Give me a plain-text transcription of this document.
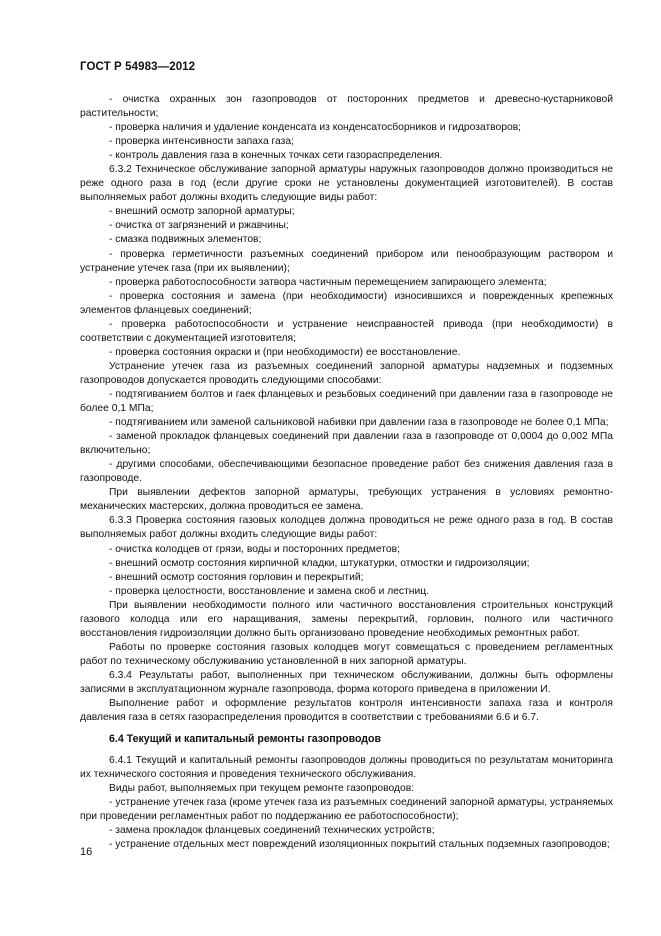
ГОСТ Р 54983—2012

- очистка охранных зон газопроводов от посторонних предметов и древесно-кустарниковой растительности;

- проверка наличия и удаление конденсата из конденсатосборников и гидрозатворов;

- проверка интенсивности запаха газа;

- контроль давления газа в конечных точках сети газораспределения.

6.3.2 Техническое обслуживание запорной арматуры наружных газопроводов должно производиться не реже одного раза в год (если другие сроки не установлены документацией изготовителей). В состав выполняемых работ должны входить следующие виды работ:

- внешний осмотр запорной арматуры;

- очистка от загрязнений и ржавчины;

- смазка подвижных элементов;

- проверка герметичности разъемных соединений прибором или пенообразующим раствором и устранение утечек газа (при их выявлении);

- проверка работоспособности затвора частичным перемещением запирающего элемента;

- проверка состояния и замена (при необходимости) износившихся и поврежденных крепежных элементов фланцевых соединений;

- проверка работоспособности и устранение неисправностей привода (при необходимости) в соответствии с документацией изготовителя;

- проверка состояния окраски и (при необходимости) ее восстановление.

Устранение утечек газа из разъемных соединений запорной арматуры надземных и подземных газопроводов допускается проводить следующими способами:

- подтягиванием болтов и гаек фланцевых и резьбовых соединений при давлении газа в газопроводе не более 0,1 МПа;

- подтягиванием или заменой сальниковой набивки при давлении газа в газопроводе не более 0,1 МПа;

- заменой прокладок фланцевых соединений при давлении газа в газопроводе от 0,0004 до 0,002 МПа включительно;

- другими способами, обеспечивающими безопасное проведение работ без снижения давления газа в газопроводе.

При выявлении дефектов запорной арматуры, требующих устранения в условиях ремонтно-механических мастерских, должна проводиться ее замена.

6.3.3 Проверка состояния газовых колодцев должна проводиться не реже одного раза в год. В состав выполняемых работ должны входить следующие виды работ:

- очистка колодцев от грязи, воды и посторонних предметов;

- внешний осмотр состояния кирпичной кладки, штукатурки, отмостки и гидроизоляции;

- внешний осмотр состояния горловин и перекрытий;

- проверка целостности, восстановление и замена скоб и лестниц.

При выявлении необходимости полного или частичного восстановления строительных конструкций газового колодца или его наращивания, замены перекрытий, горловин, полного или частичного восстановления гидроизоляции должно быть организовано проведение необходимых ремонтных работ.

Работы по проверке состояния газовых колодцев могут совмещаться с проведением регламентных работ по техническому обслуживанию установленной в них запорной арматуры.

6.3.4 Результаты работ, выполненных при техническом обслуживании, должны быть оформлены записями в эксплуатационном журнале газопровода, форма которого приведена в приложении И.

Выполнение работ и оформление результатов контроля интенсивности запаха газа и контроля давления газа в сетях газораспределения проводится в соответствии с требованиями 6.6 и 6.7.

6.4 Текущий и капитальный ремонты газопроводов

6.4.1 Текущий и капитальный ремонты газопроводов должны проводиться по результатам мониторинга их технического состояния и проведения технического обслуживания.

Виды работ, выполняемых при текущем ремонте газопроводов:

- устранение утечек газа (кроме утечек газа из разъемных соединений запорной арматуры, устраняемых при проведении регламентных работ по поддержанию ее работоспособности);

- замена прокладок фланцевых соединений технических устройств;

- устранение отдельных мест повреждений изоляционных покрытий стальных подземных газопроводов;

16
